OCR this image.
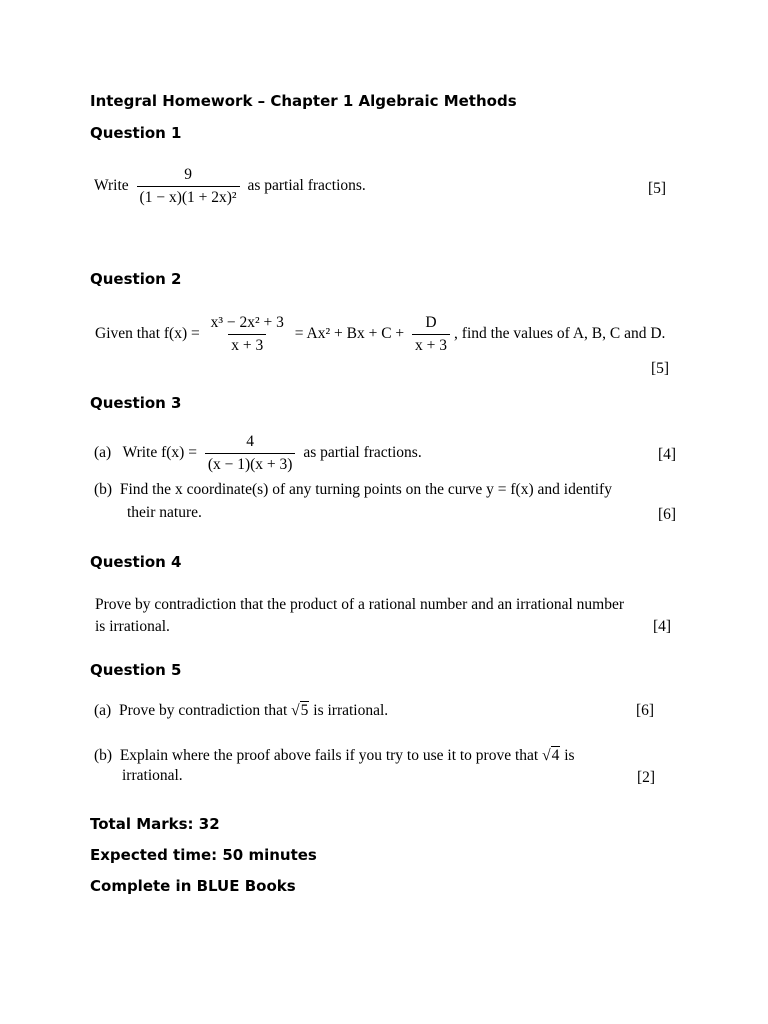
Integral Homework – Chapter 1 Algebraic Methods
Question 1
Write $\frac{9}{\text{(1 − x)(1 + 2x)²}}$ as partial fractions.	[5]
Question 2
Given that $f(x) = \frac{\text{x³ − 2x² + 3}}{x + 3} = Ax^2 + Bx + C + \frac{D}{x + 3}$ , find the values of A, B, C and D.
[5]
Question 3
(a) Write $f(x) = \frac{4}{(x - 1)(x + 3)}$ as partial fractions.	[4]
(b) Find the x coordinate(s) of any turning points on the curve y = f(x) and identify
their nature.	[6]
Question 4
Prove by contradiction that the product of a rational number and an irrational number
is irrational.	[4]
Question 5
(a) Prove by contradiction that √5 is irrational.	[6]
(b) Explain where the proof above fails if you try to use it to prove that √4 is
irrational.	[2]
Total Marks: 32
Expected time: 50 minutes
Complete in BLUE Books
